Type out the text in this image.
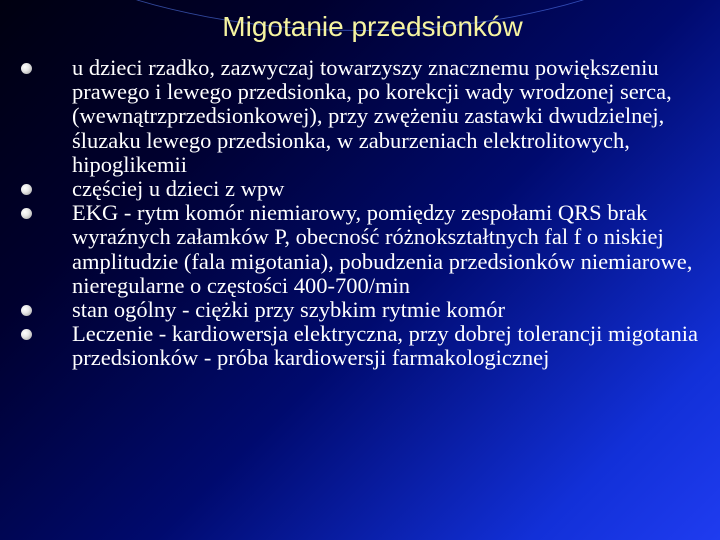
Migotanie przedsionków
u dzieci rzadko, zazwyczaj towarzyszy znacznemu powiększeniu prawego i lewego przedsionka, po korekcji wady wrodzonej serca, (wewnątrzprzedsionkowej), przy zwężeniu zastawki dwudzielnej, śluzaku lewego przedsionka, w zaburzeniach elektrolitowych, hipoglikemii
częściej u dzieci z wpw
EKG - rytm komór niemiarowy, pomiędzy zespołami QRS brak wyraźnych załamków P, obecność różnokształtnych fal f o niskiej amplitudzie (fala migotania), pobudzenia przedsionków niemiarowe, nieregularne o częstości 400-700/min
stan ogólny - ciężki przy szybkim rytmie komór
Leczenie - kardiowersja elektryczna, przy dobrej tolerancji migotania przedsionków - próba kardiowersji farmakologicznej
